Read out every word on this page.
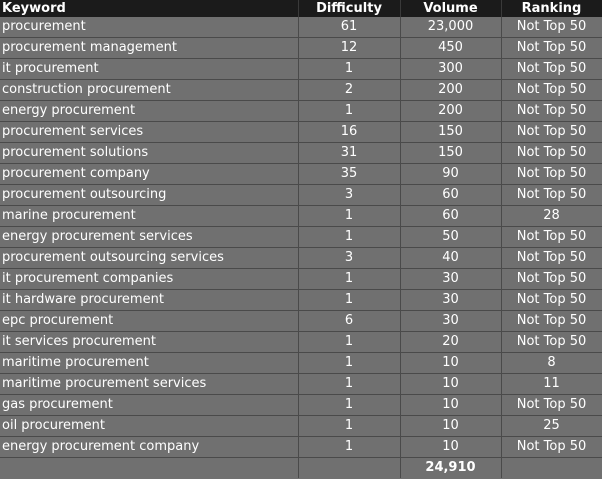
Keyword	Difficulty	Volume	Ranking
procurement	61	23,000	Not Top 50
procurement management	12	450	Not Top 50
it procurement	1	300	Not Top 50
construction procurement	2	200	Not Top 50
energy procurement	1	200	Not Top 50
procurement services	16	150	Not Top 50
procurement solutions	31	150	Not Top 50
procurement company	35	90	Not Top 50
procurement outsourcing	3	60	Not Top 50
marine procurement	1	60	28
energy procurement services	1	50	Not Top 50
procurement outsourcing services	3	40	Not Top 50
it procurement companies	1	30	Not Top 50
it hardware procurement	1	30	Not Top 50
epc procurement	6	30	Not Top 50
it services procurement	1	20	Not Top 50
maritime procurement	1	10	8
maritime procurement services	1	10	11
gas procurement	1	10	Not Top 50
oil procurement	1	10	25
energy procurement company	1	10	Not Top 50
		24,910	
